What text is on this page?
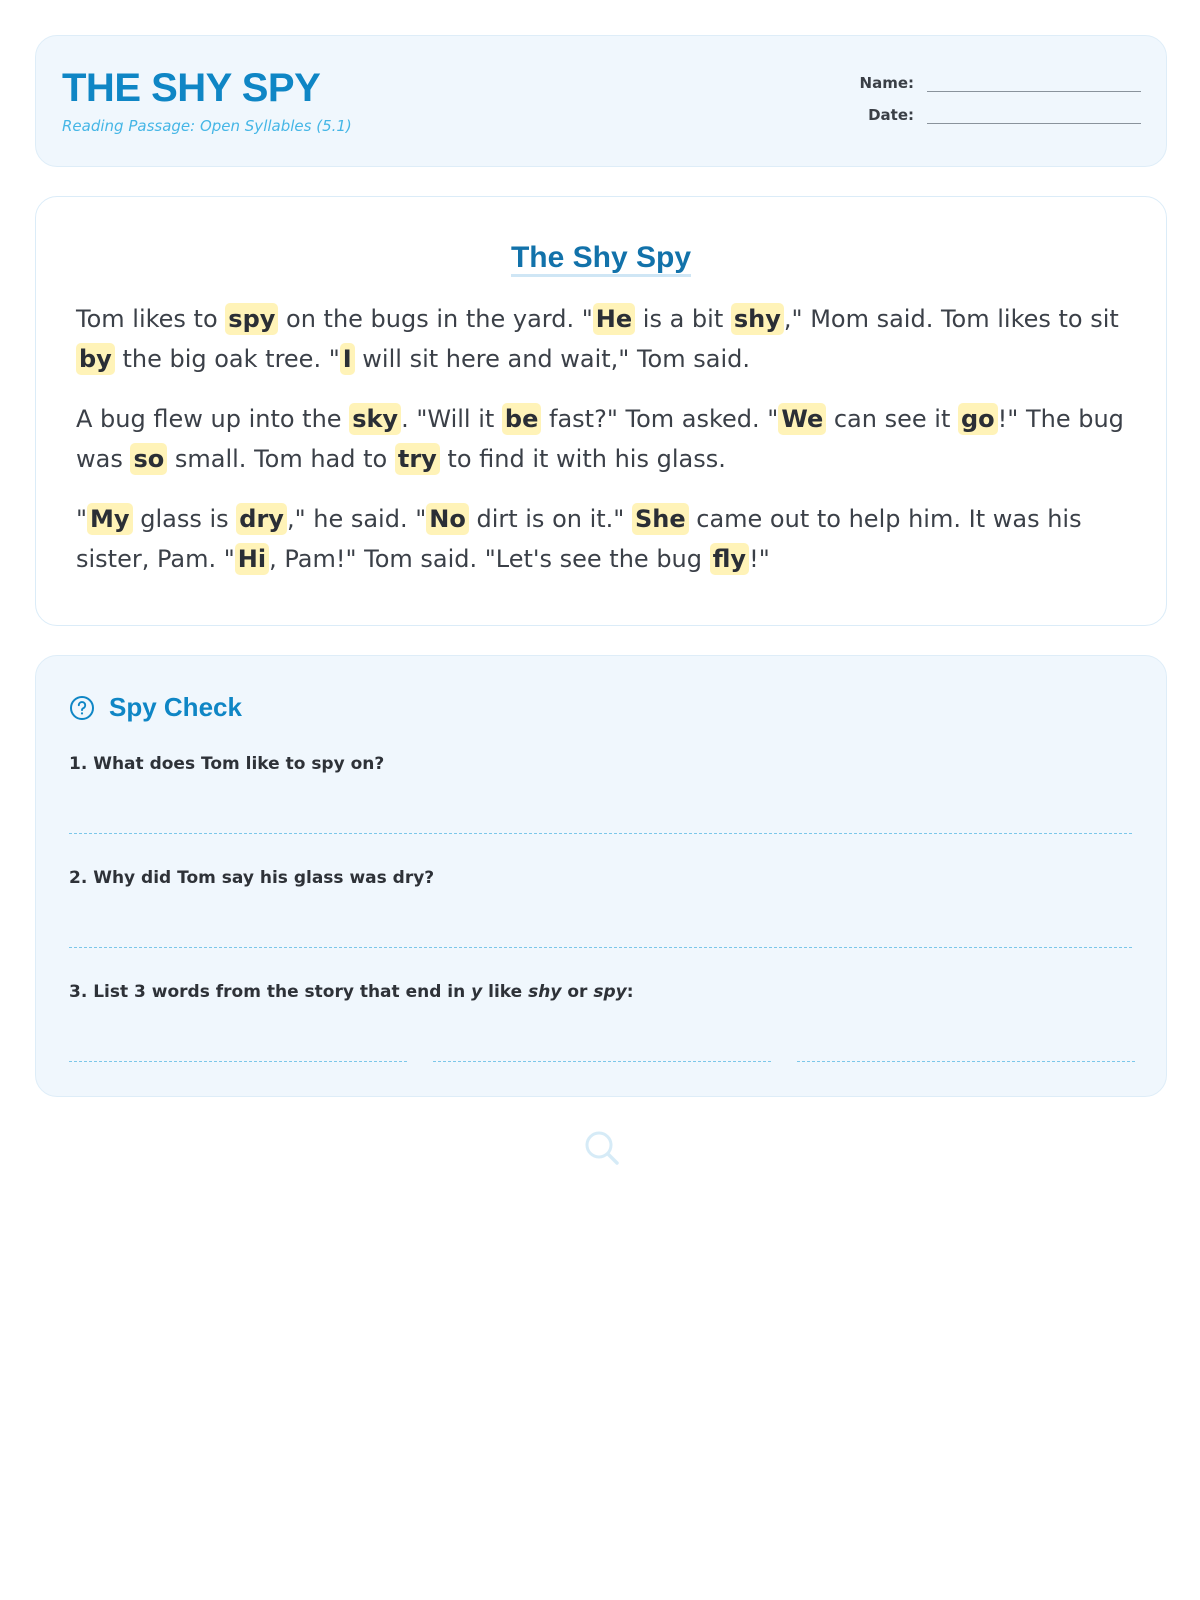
THE SHY SPY
Reading Passage: Open Syllables (5.1)
Name:
Date:
The Shy Spy

Tom likes to spy on the bugs in the yard. " He is a bit shy ," Mom said. Tom likes to sit by the big oak tree. " I will sit here and wait," Tom said.

A bug flew up into the sky . "Will it be fast?" Tom asked. " We can see it go !" The bug was so small. Tom had to try to find it with his glass.

" My glass is dry ," he said. " No dirt is on it." She came out to help him. It was his sister, Pam. " Hi , Pam!" Tom said. "Let's see the bug fly !"

Spy Check
1. What does Tom like to spy on?
2. Why did Tom say his glass was dry?
3. List 3 words from the story that end in y like shy or spy:
